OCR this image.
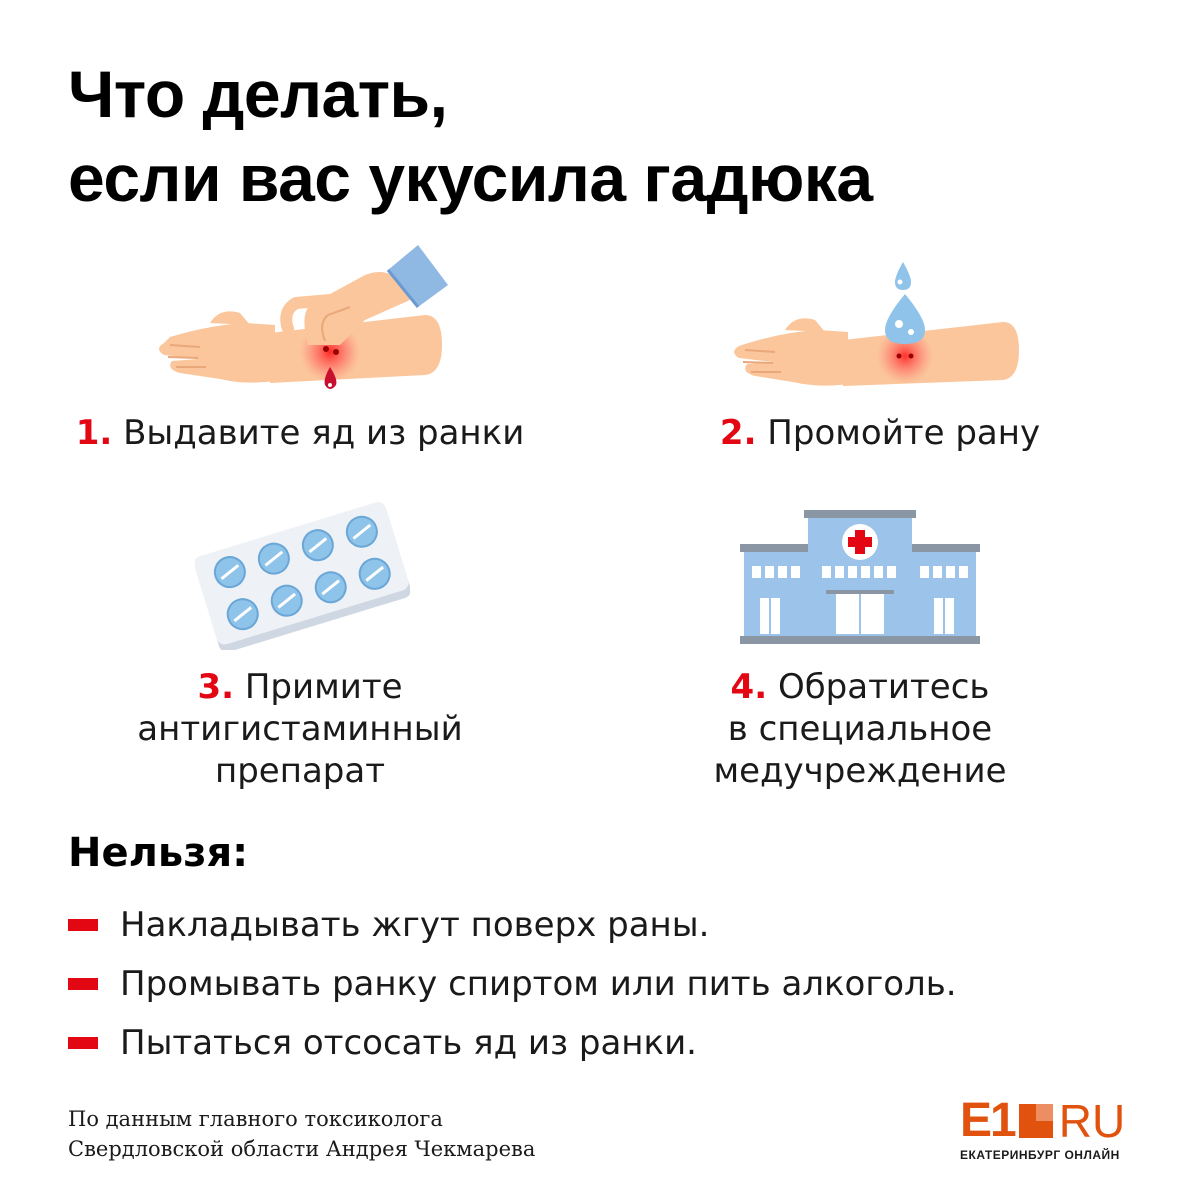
Что делать,
если вас укусила гадюка
1. Выдавите яд из ранки	2. Промойте рану
3. Примите
антигистаминный
препарат
4. Обратитесь
в специальное
медучреждение
Нельзя:
Накладывать жгут поверх раны.
Промывать ранку спиртом или пить алкоголь.
Пытаться отсосать яд из ранки.
По данным главного токсиколога
Свердловской области Андрея Чекмарева
E1 RU
ЕКАТЕРИНБУРГ ОНЛАЙН
